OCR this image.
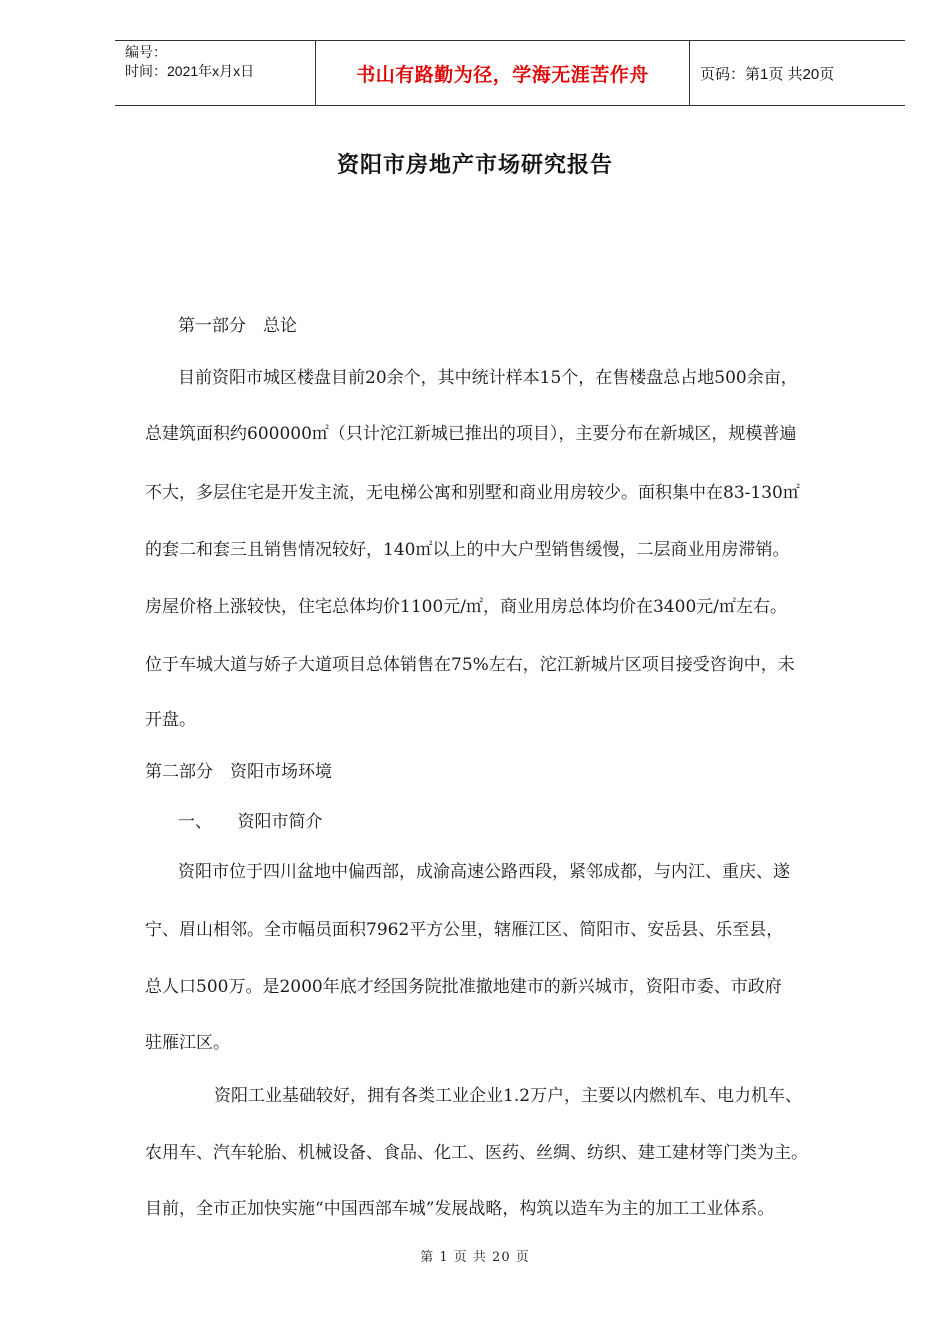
编号：
时间：2021年x月x日	书山有路勤为径，学海无涯苦作舟	页码：第1页 共20页
资阳市房地产市场研究报告
第一部分　总论
目前资阳市城区楼盘目前20余个，其中统计样本15个，在售楼盘总占地500余亩，
总建筑面积约600000㎡（只计沱江新城已推出的项目），主要分布在新城区，规模普遍
不大，多层住宅是开发主流，无电梯公寓和别墅和商业用房较少。面积集中在83-130㎡
的套二和套三且销售情况较好，140㎡以上的中大户型销售缓慢，二层商业用房滞销。
房屋价格上涨较快，住宅总体均价1100元/㎡，商业用房总体均价在3400元/㎡左右。
位于车城大道与娇子大道项目总体销售在75%左右，沱江新城片区项目接受咨询中，未
开盘。
第二部分　资阳市场环境
一、　　资阳市简介
资阳市位于四川盆地中偏西部，成渝高速公路西段，紧邻成都，与内江、重庆、遂
宁、眉山相邻。全市幅员面积7962平方公里，辖雁江区、简阳市、安岳县、乐至县，
总人口500万。是2000年底才经国务院批准撤地建市的新兴城市，资阳市委、市政府
驻雁江区。
资阳工业基础较好，拥有各类工业企业1.2万户，主要以内燃机车、电力机车、
农用车、汽车轮胎、机械设备、食品、化工、医药、丝绸、纺织、建工建材等门类为主。
目前，全市正加快实施“中国西部车城”发展战略，构筑以造车为主的加工工业体系。
第 1 页 共 20 页
